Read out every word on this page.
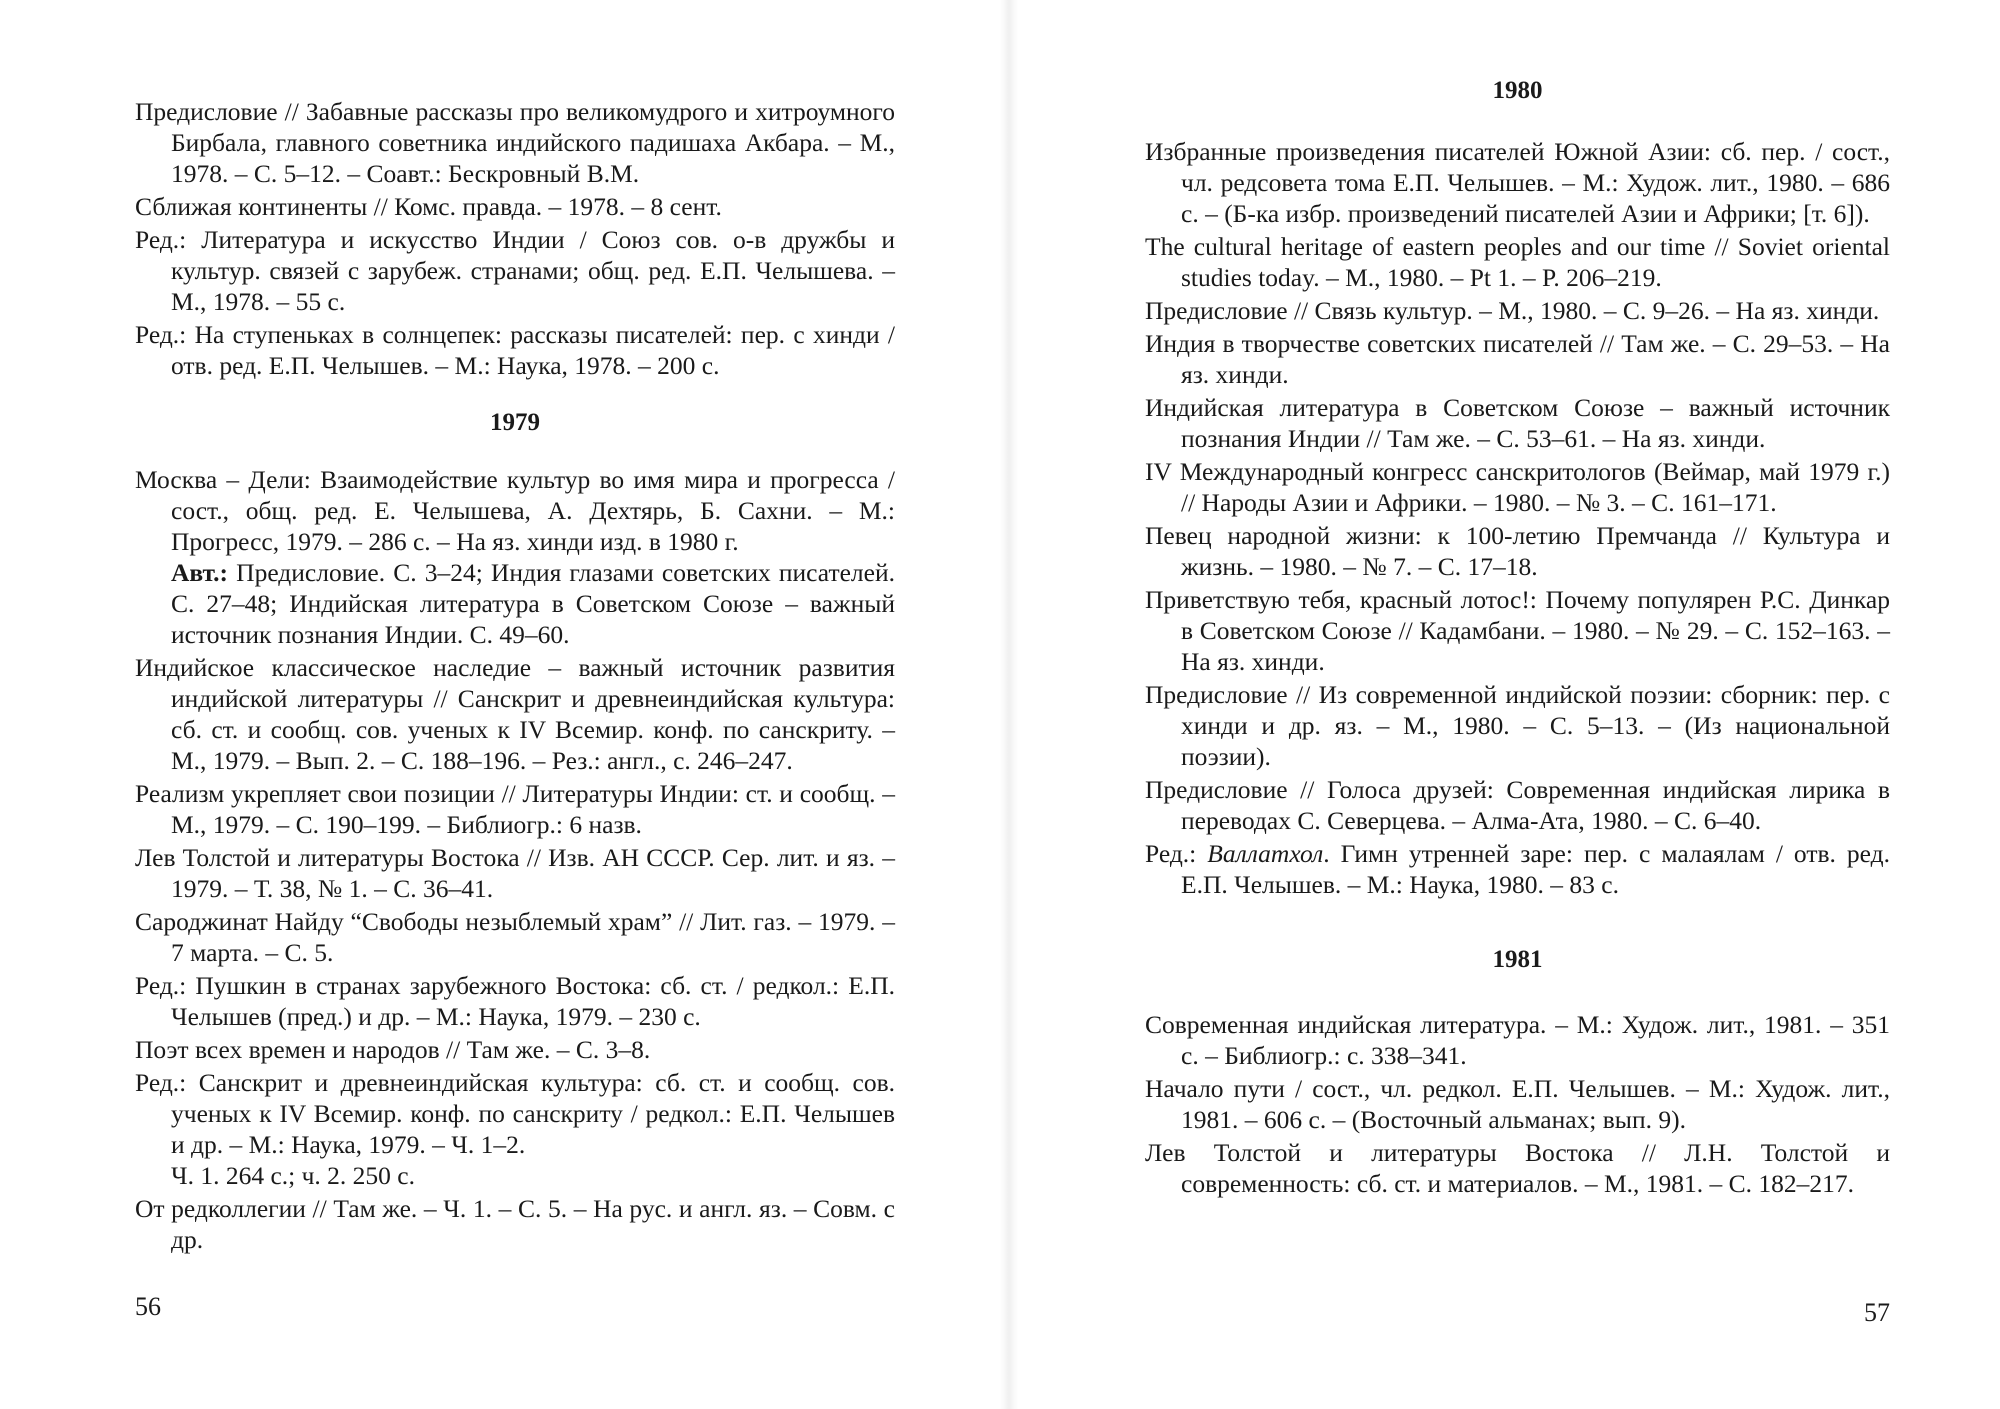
Предисловие // Забавные рассказы про великомудрого и хитроумного Бирбала, главного советника индийского падишаха Акбара. – М., 1978. – С. 5–12. – Соавт.: Бескровный В.М.

Сближая континенты // Комс. правда. – 1978. – 8 сент.

Ред.: Литература и искусство Индии / Союз сов. о-в дружбы и культур. связей с зарубеж. странами; общ. ред. Е.П. Челышева. – М., 1978. – 55 с.

Ред.: На ступеньках в солнцепек: рассказы писателей: пер. с хинди / отв. ред. Е.П. Челышев. – М.: Наука, 1978. – 200 с.

1979

Москва – Дели: Взаимодействие культур во имя мира и прогресса / сост., общ. ред. Е. Челышева, А. Дехтярь, Б. Сахни. – М.: Прогресс, 1979. – 286 с. – На яз. хинди изд. в 1980 г.
Авт.: Предисловие. С. 3–24; Индия глазами советских писателей. С. 27–48; Индийская литература в Советском Союзе – важный источник познания Индии. С. 49–60.

Индийское классическое наследие – важный источник развития индийской литературы // Санскрит и древнеиндийская культура: сб. ст. и сообщ. сов. ученых к IV Всемир. конф. по санскриту. – М., 1979. – Вып. 2. – С. 188–196. – Рез.: англ., с. 246–247.

Реализм укрепляет свои позиции // Литературы Индии: ст. и сообщ. – М., 1979. – С. 190–199. – Библиогр.: 6 назв.

Лев Толстой и литературы Востока // Изв. АН СССР. Сер. лит. и яз. – 1979. – Т. 38, № 1. – С. 36–41.

Сароджинат Найду “Свободы незыблемый храм” // Лит. газ. – 1979. – 7 марта. – С. 5.

Ред.: Пушкин в странах зарубежного Востока: сб. ст. / редкол.: Е.П. Челышев (пред.) и др. – М.: Наука, 1979. – 230 с.

Поэт всех времен и народов // Там же. – С. 3–8.

Ред.: Санскрит и древнеиндийская культура: сб. ст. и сообщ. сов. ученых к IV Всемир. конф. по санскриту / редкол.: Е.П. Челышев и др. – М.: Наука, 1979. – Ч. 1–2.
Ч. 1. 264 с.; ч. 2. 250 с.

От редколлегии // Там же. – Ч. 1. – С. 5. – На рус. и англ. яз. – Совм. с др.

56
1980

Избранные произведения писателей Южной Азии: сб. пер. / сост., чл. редсовета тома Е.П. Челышев. – М.: Худож. лит., 1980. – 686 с. – (Б-ка избр. произведений писателей Азии и Африки; [т. 6]).

The cultural heritage of eastern peoples and our time // Soviet oriental studies today. – M., 1980. – Pt 1. – P. 206–219.

Предисловие // Связь культур. – М., 1980. – С. 9–26. – На яз. хинди.

Индия в творчестве советских писателей // Там же. – С. 29–53. – На яз. хинди.

Индийская литература в Советском Союзе – важный источник познания Индии // Там же. – С. 53–61. – На яз. хинди.

IV Международный конгресс санскритологов (Веймар, май 1979 г.) // Народы Азии и Африки. – 1980. – № 3. – С. 161–171.

Певец народной жизни: к 100-летию Премчанда // Культура и жизнь. – 1980. – № 7. – С. 17–18.

Приветствую тебя, красный лотос!: Почему популярен Р.С. Динкар в Советском Союзе // Кадамбани. – 1980. – № 29. – С. 152–163. – На яз. хинди.

Предисловие // Из современной индийской поэзии: сборник: пер. с хинди и др. яз. – М., 1980. – С. 5–13. – (Из национальной поэзии).

Предисловие // Голоса друзей: Современная индийская лирика в переводах С. Северцева. – Алма-Ата, 1980. – С. 6–40.

Ред.: Валлатхол. Гимн утренней заре: пер. с малаялам / отв. ред. Е.П. Челышев. – М.: Наука, 1980. – 83 с.

1981

Современная индийская литература. – М.: Худож. лит., 1981. – 351 с. – Библиогр.: с. 338–341.

Начало пути / сост., чл. редкол. Е.П. Челышев. – М.: Худож. лит., 1981. – 606 с. – (Восточный альманах; вып. 9).

Лев Толстой и литературы Востока // Л.Н. Толстой и современность: сб. ст. и материалов. – М., 1981. – С. 182–217.

57
